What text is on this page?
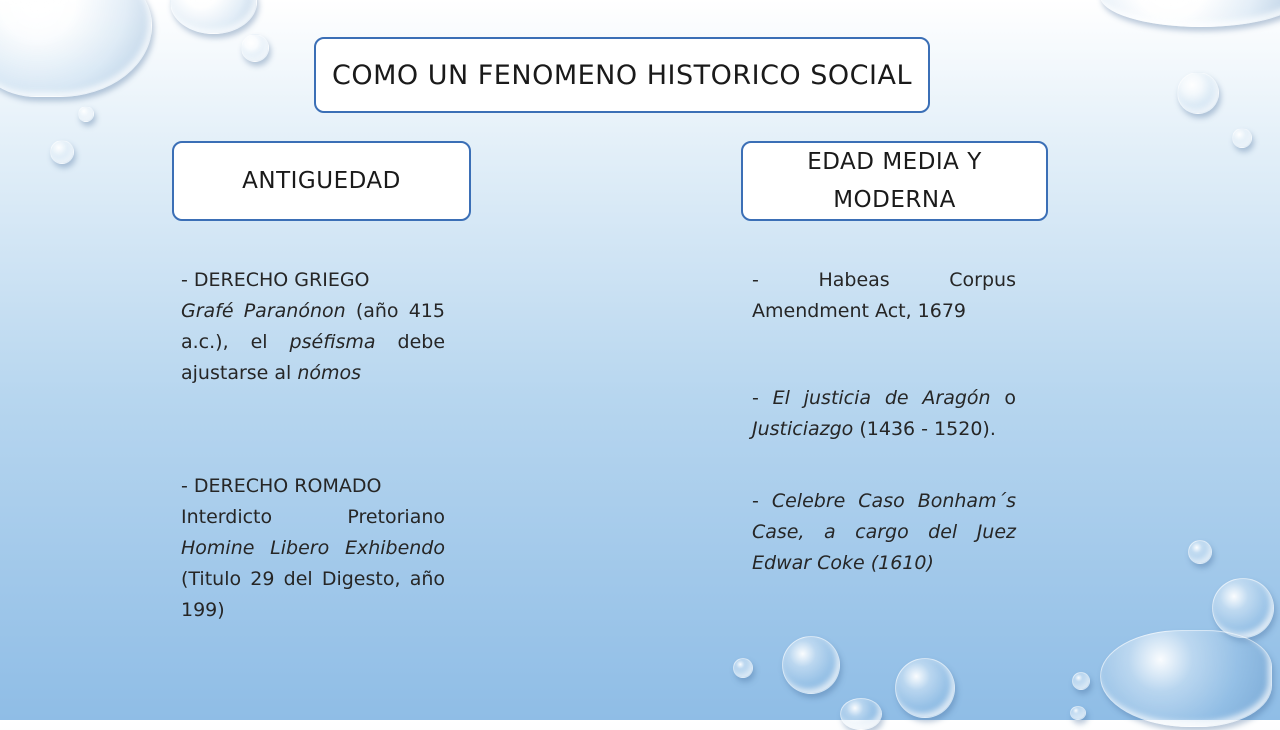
COMO UN FENOMENO HISTORICO SOCIAL
ANTIGUEDAD
EDAD MEDIA Y MODERNA

- DERECHO GRIEGO
Grafé Paranónon (año 415 a.c.), el pséfisma debe ajustarse al nómos

- DERECHO ROMADO
Interdicto Pretoriano Homine Libero Exhibendo (Titulo 29 del Digesto, año 199)

- Habeas Corpus Amendment Act, 1679

- El justicia de Aragón o Justiciazgo (1436 - 1520).

- Celebre Caso Bonham´s Case, a cargo del Juez Edwar Coke (1610)
